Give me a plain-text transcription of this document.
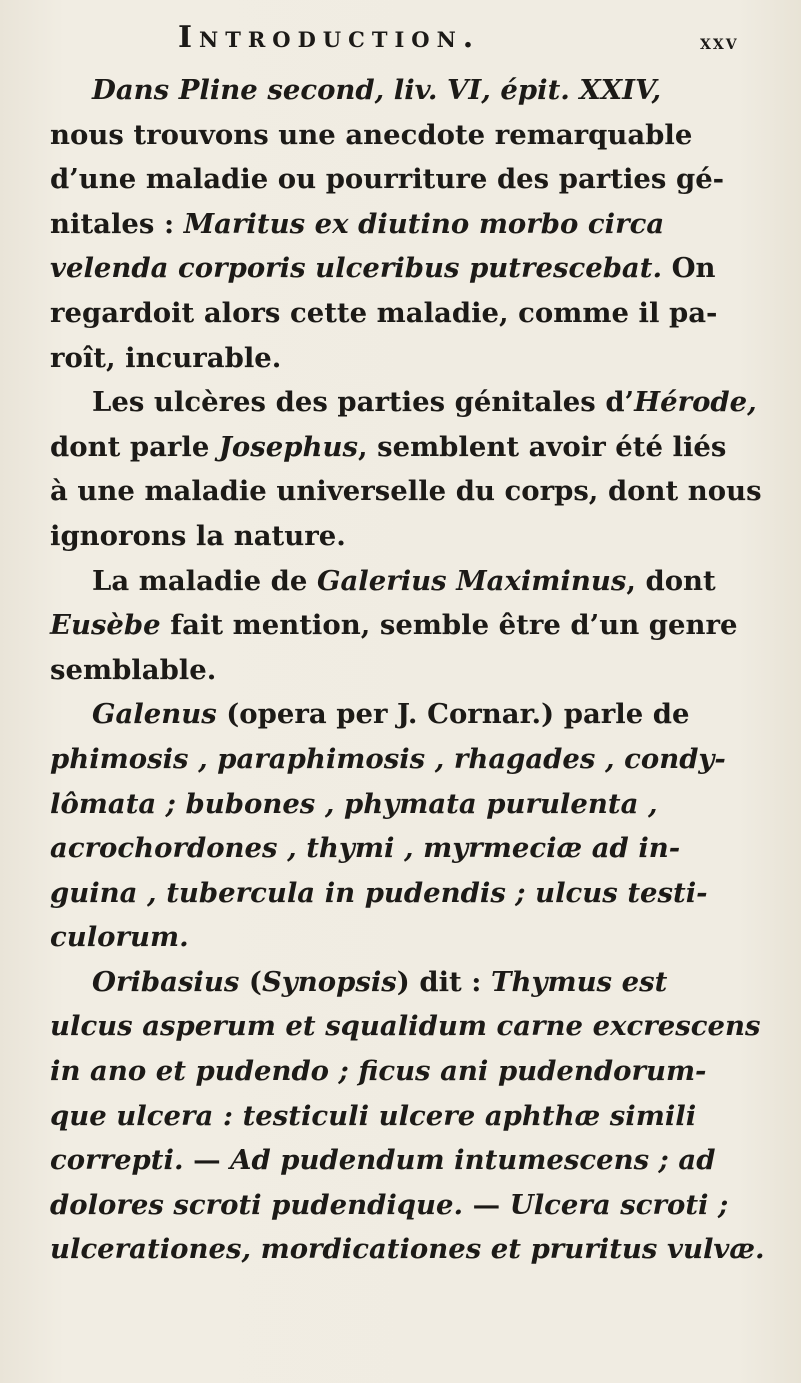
Introduction.	xxv
Dans Pline second, liv. VI, épit. XXIV,
nous trouvons une anecdote remarquable
d’une maladie ou pourriture des parties gé-
nitales : Maritus ex diutino morbo circa
velenda corporis ulceribus putrescebat. On
regardoit alors cette maladie, comme il pa-
roît, incurable.
Les ulcères des parties génitales d’Hérode,
dont parle Josephus, semblent avoir été liés
à une maladie universelle du corps, dont nous
ignorons la nature.
La maladie de Galerius Maximinus, dont
Eusèbe fait mention, semble être d’un genre
semblable.
Galenus (opera per J. Cornar.) parle de
phimosis , paraphimosis , rhagades , condy-
lômata ; bubones , phymata purulenta ,
acrochordones , thymi , myrmeciæ ad in-
guina , tubercula in pudendis ; ulcus testi-
culorum.
Oribasius (Synopsis) dit : Thymus est
ulcus asperum et squalidum carne excrescens
in ano et pudendo ; ficus ani pudendorum-
que ulcera : testiculi ulcere aphthæ simili
correpti. — Ad pudendum intumescens ; ad
dolores scroti pudendique. — Ulcera scroti ;
ulcerationes, mordicationes et pruritus vulvæ.
